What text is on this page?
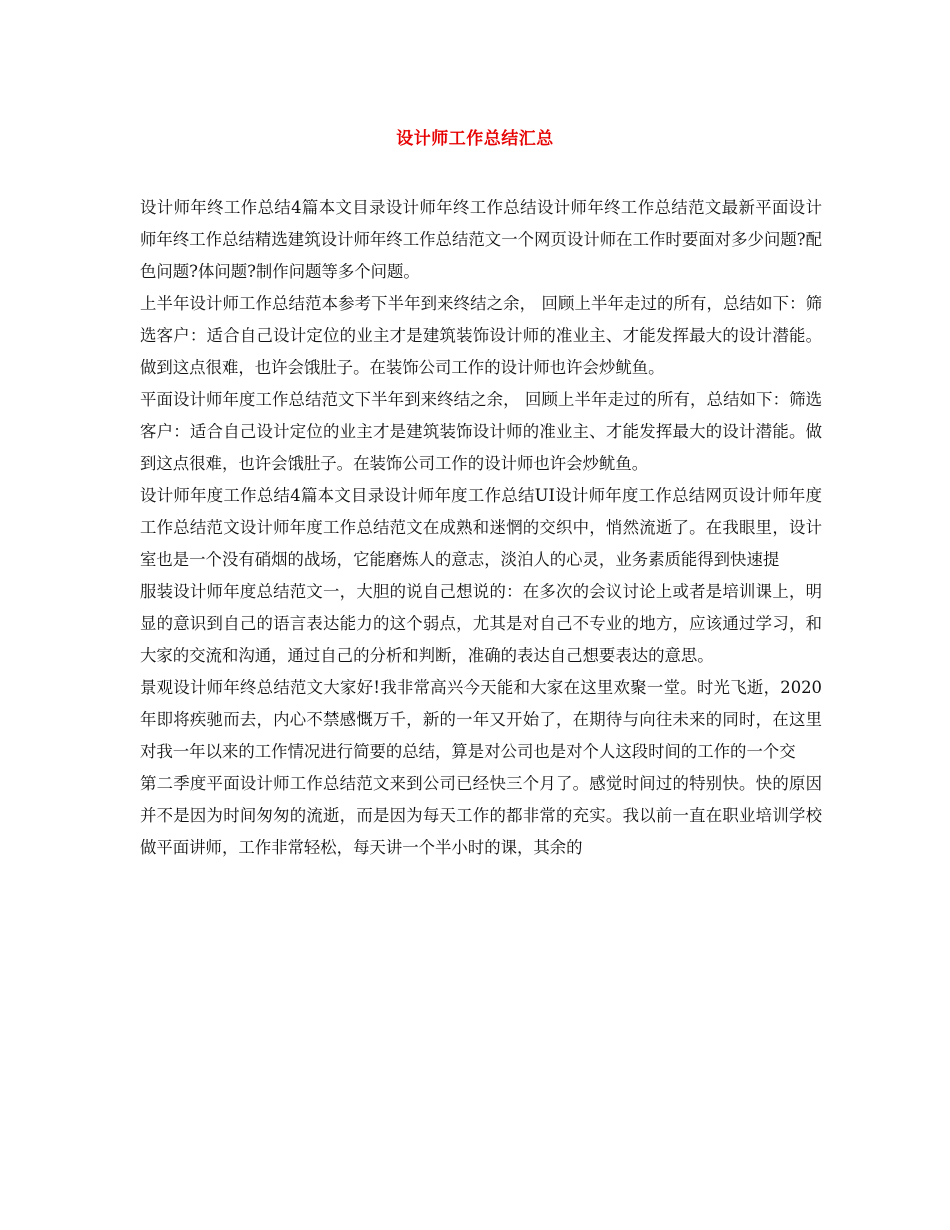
设计师工作总结汇总

设计师年终工作总结4篇本文目录设计师年终工作总结设计师年终工作总结范文最新平面设计师年终工作总结精选建筑设计师年终工作总结范文一个网页设计师在工作时要面对多少问题?配色问题?体问题?制作问题等多个问题。

上半年设计师工作总结范本参考下半年到来终结之余， 回顾上半年走过的所有，总结如下：筛选客户：适合自己设计定位的业主才是建筑装饰设计师的准业主、才能发挥最大的设计潜能。做到这点很难，也许会饿肚子。在装饰公司工作的设计师也许会炒鱿鱼。

平面设计师年度工作总结范文下半年到来终结之余， 回顾上半年走过的所有，总结如下：筛选客户：适合自己设计定位的业主才是建筑装饰设计师的准业主、才能发挥最大的设计潜能。做到这点很难，也许会饿肚子。在装饰公司工作的设计师也许会炒鱿鱼。

设计师年度工作总结4篇本文目录设计师年度工作总结UI设计师年度工作总结网页设计师年度工作总结范文设计师年度工作总结范文在成熟和迷惘的交织中，悄然流逝了。在我眼里，设计室也是一个没有硝烟的战场，它能磨炼人的意志，淡泊人的心灵，业务素质能得到快速提

服装设计师年度总结范文一，大胆的说自己想说的：在多次的会议讨论上或者是培训课上，明显的意识到自己的语言表达能力的这个弱点，尤其是对自己不专业的地方，应该通过学习，和大家的交流和沟通，通过自己的分析和判断，准确的表达自己想要表达的意思。

景观设计师年终总结范文大家好!我非常高兴今天能和大家在这里欢聚一堂。时光飞逝，2020年即将疾驰而去，内心不禁感慨万千，新的一年又开始了，在期待与向往未来的同时，在这里对我一年以来的工作情况进行简要的总结，算是对公司也是对个人这段时间的工作的一个交

第二季度平面设计师工作总结范文来到公司已经快三个月了。感觉时间过的特别快。快的原因并不是因为时间匆匆的流逝，而是因为每天工作的都非常的充实。我以前一直在职业培训学校做平面讲师，工作非常轻松，每天讲一个半小时的课，其余的
